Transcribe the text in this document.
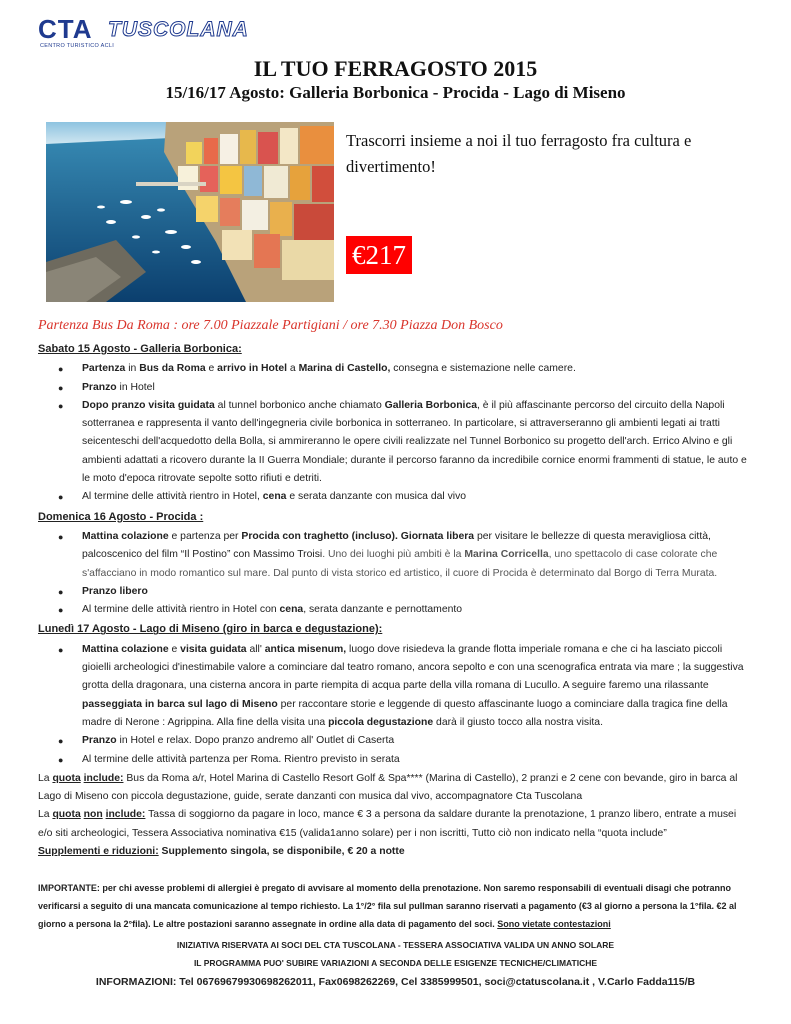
CTA TUSCOLANA
CENTRO TURISTICO ACLI
IL TUO FERRAGOSTO 2015
15/16/17 Agosto: Galleria Borbonica - Procida - Lago di Miseno
Trascorri insieme a noi il tuo ferragosto fra cultura e divertimento!
€217
Partenza Bus Da Roma : ore 7.00 Piazzale Partigiani / ore 7.30 Piazza Don Bosco

Sabato 15 Agosto - Galleria Borbonica:

● Partenza in Bus da Roma e arrivo in Hotel a Marina di Castello, consegna e sistemazione nelle camere.
● Pranzo in Hotel
● Dopo pranzo visita guidata al tunnel borbonico anche chiamato Galleria Borbonica, è il più affascinante percorso del circuito della Napoli sotterranea e rappresenta il vanto dell'ingegneria civile borbonica in sotterraneo. In particolare, si attraverseranno gli ambienti legati ai tratti seicenteschi dell'acquedotto della Bolla, si ammireranno le opere civili realizzate nel Tunnel Borbonico su progetto dell'arch. Errico Alvino e gli ambienti adattati a ricovero durante la II Guerra Mondiale; durante il percorso faranno da incredibile cornice enormi frammenti di statue, le auto e le moto d'epoca ritrovate sepolte sotto rifiuti e detriti.
● Al termine delle attività rientro in Hotel, cena e serata danzante con musica dal vivo

Domenica 16 Agosto - Procida :

● Mattina colazione e partenza per Procida con traghetto (incluso). Giornata libera per visitare le bellezze di questa meravigliosa città, palcoscenico del film “Il Postino” con Massimo Troisi. Uno dei luoghi più ambiti è la Marina Corricella, uno spettacolo di case colorate che s'affacciano in modo romantico sul mare. Dal punto di vista storico ed artistico, il cuore di Procida è determinato dal Borgo di Terra Murata.
● Pranzo libero
● Al termine delle attività rientro in Hotel con cena, serata danzante e pernottamento

Lunedì 17 Agosto - Lago di Miseno (giro in barca e degustazione):

● Mattina colazione e visita guidata all' antica misenum, luogo dove risiedeva la grande flotta imperiale romana e che ci ha lasciato piccoli gioielli archeologici d'inestimabile valore a cominciare dal teatro romano, ancora sepolto e con una scenografica entrata via mare ; la suggestiva grotta della dragonara, una cisterna ancora in parte riempita di acqua parte della villa romana di Lucullo. A seguire faremo una rilassante passeggiata in barca sul lago di Miseno per raccontare storie e leggende di questo affascinante luogo a cominciare dalla tragica fine della madre di Nerone : Agrippina. Alla fine della visita una piccola degustazione darà il giusto tocco alla nostra visita.
● Pranzo in Hotel e relax. Dopo pranzo andremo all' Outlet di Caserta
● Al termine delle attività partenza per Roma. Rientro previsto in serata

La quota include: Bus da Roma a/r, Hotel Marina di Castello Resort Golf & Spa**** (Marina di Castello), 2 pranzi e 2 cene con bevande, giro in barca al Lago di Miseno con piccola degustazione, guide, serate danzanti con musica dal vivo, accompagnatore Cta Tuscolana

La quota non include: Tassa di soggiorno da pagare in loco, mance € 3 a persona da saldare durante la prenotazione, 1 pranzo libero, entrate a musei e/o siti archeologici, Tessera Associativa nominativa €15 (valida1anno solare) per i non iscritti, Tutto ciò non indicato nella “quota include”

Supplementi e riduzioni: Supplemento singola, se disponibile, € 20 a notte

IMPORTANTE: per chi avesse problemi di allergiei è pregato di avvisare al momento della prenotazione. Non saremo responsabili di eventuali disagi che potranno verificarsi a seguito di una mancata comunicazione al tempo richiesto. La 1°/2° fila sul pullman saranno riservati a pagamento (€3 al giorno a persona la 1°fila. €2 al giorno a persona la 2°fila). Le altre postazioni saranno assegnate in ordine alla data di pagamento del soci. Sono vietate contestazioni

INIZIATIVA RISERVATA AI SOCI DEL CTA TUSCOLANA - TESSERA ASSOCIATIVA VALIDA UN ANNO SOLARE
IL PROGRAMMA PUO' SUBIRE VARIAZIONI A SECONDA DELLE ESIGENZE TECNICHE/CLIMATICHE
INFORMAZIONI: Tel 06769679930698262011, Fax0698262269, Cel 3385999501, soci@ctatuscolana.it , V.Carlo Fadda115/B
